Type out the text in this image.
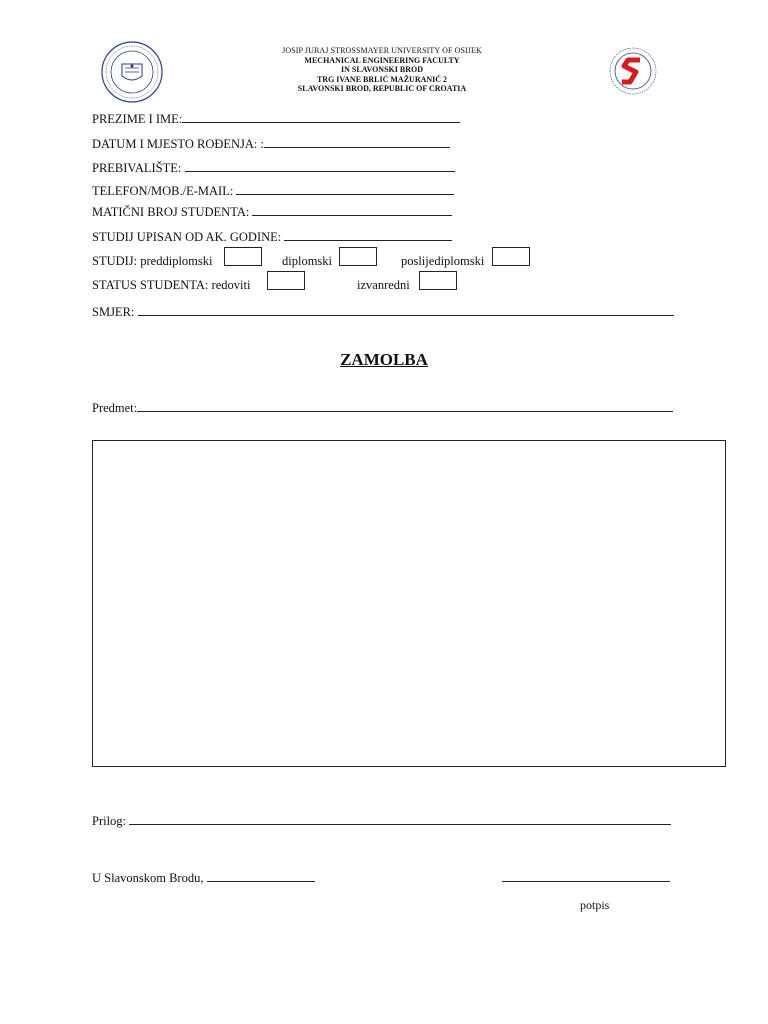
JOSIP JURAJ STROSSMAYER UNIVERSITY OF OSIJEK
MECHANICAL ENGINEERING FACULTY
IN SLAVONSKI BROD
TRG IVANE BRLIĆ MAŽURANIĆ 2
SLAVONSKI BROD, REPUBLIC OF CROATIA
PREZIME I IME:
DATUM I MJESTO ROĐENJA: :
PREBIVALIŠTE:
TELEFON/MOB./E-MAIL:
MATIČNI BROJ STUDENTA:
STUDIJ UPISAN OD AK. GODINE:
STUDIJ: preddiplomski	diplomski	poslijediplomski
STATUS STUDENTA: redoviti	izvanredni
SMJER:
ZAMOLBA
Predmet:
Prilog:
U Slavonskom Brodu,
potpis
